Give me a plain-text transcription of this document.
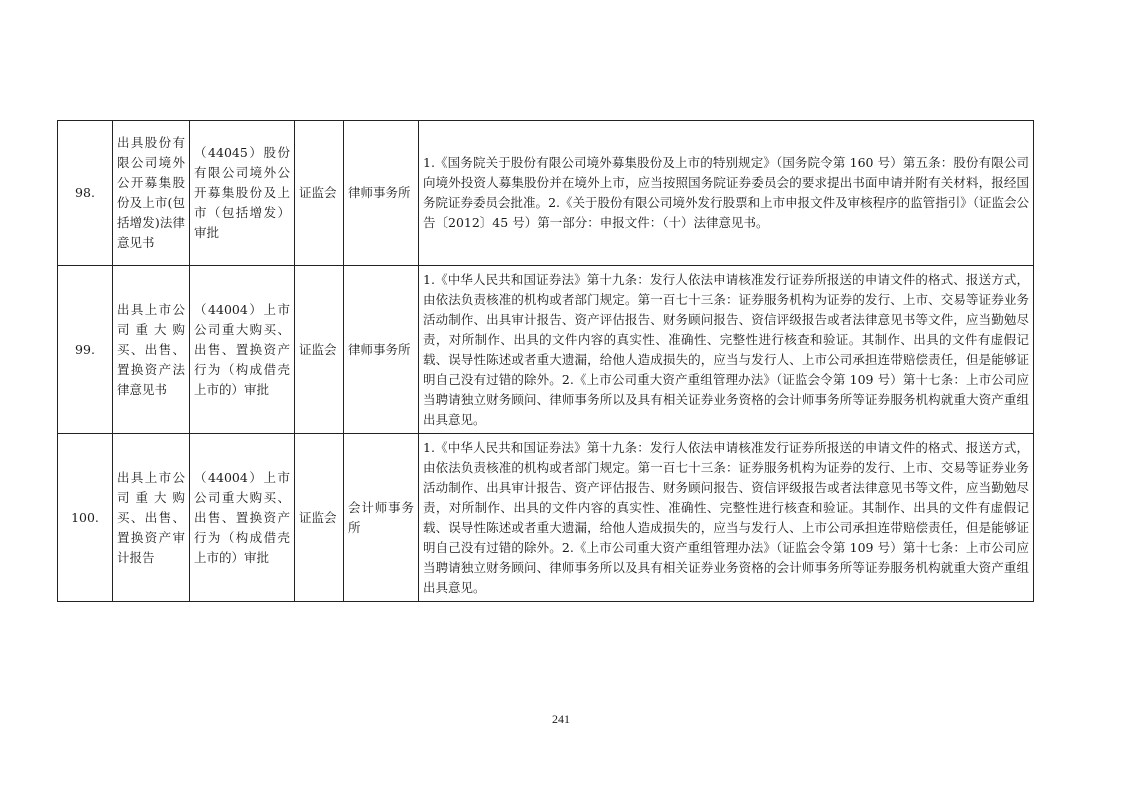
98.	出具股份有限公司境外公开募集股份及上市(包括增发)法律意见书	（44045）股份有限公司境外公开募集股份及上市（包括增发）审批	证监会	律师事务所	1.《国务院关于股份有限公司境外募集股份及上市的特别规定》（国务院令第 160 号）第五条：股份有限公司向境外投资人募集股份并在境外上市，应当按照国务院证券委员会的要求提出书面申请并附有关材料，报经国务院证券委员会批准。2.《关于股份有限公司境外发行股票和上市申报文件及审核程序的监管指引》（证监会公告〔2012〕45 号）第一部分：申报文件：（十）法律意见书。
99.	出具上市公司重大购买、出售、置换资产法律意见书	（44004）上市公司重大购买、出售、置换资产行为（构成借壳上市的）审批	证监会	律师事务所	1.《中华人民共和国证券法》第十九条：发行人依法申请核准发行证券所报送的申请文件的格式、报送方式，由依法负责核准的机构或者部门规定。第一百七十三条：证券服务机构为证券的发行、上市、交易等证券业务活动制作、出具审计报告、资产评估报告、财务顾问报告、资信评级报告或者法律意见书等文件，应当勤勉尽责，对所制作、出具的文件内容的真实性、准确性、完整性进行核查和验证。其制作、出具的文件有虚假记载、误导性陈述或者重大遗漏，给他人造成损失的，应当与发行人、上市公司承担连带赔偿责任，但是能够证明自己没有过错的除外。2.《上市公司重大资产重组管理办法》（证监会令第 109 号）第十七条：上市公司应当聘请独立财务顾问、律师事务所以及具有相关证券业务资格的会计师事务所等证券服务机构就重大资产重组出具意见。
100.	出具上市公司重大购买、出售、置换资产审计报告	（44004）上市公司重大购买、出售、置换资产行为（构成借壳上市的）审批	证监会	会计师事务所	1.《中华人民共和国证券法》第十九条：发行人依法申请核准发行证券所报送的申请文件的格式、报送方式，由依法负责核准的机构或者部门规定。第一百七十三条：证券服务机构为证券的发行、上市、交易等证券业务活动制作、出具审计报告、资产评估报告、财务顾问报告、资信评级报告或者法律意见书等文件，应当勤勉尽责，对所制作、出具的文件内容的真实性、准确性、完整性进行核查和验证。其制作、出具的文件有虚假记载、误导性陈述或者重大遗漏，给他人造成损失的，应当与发行人、上市公司承担连带赔偿责任，但是能够证明自己没有过错的除外。2.《上市公司重大资产重组管理办法》（证监会令第 109 号）第十七条：上市公司应当聘请独立财务顾问、律师事务所以及具有相关证券业务资格的会计师事务所等证券服务机构就重大资产重组出具意见。
241
